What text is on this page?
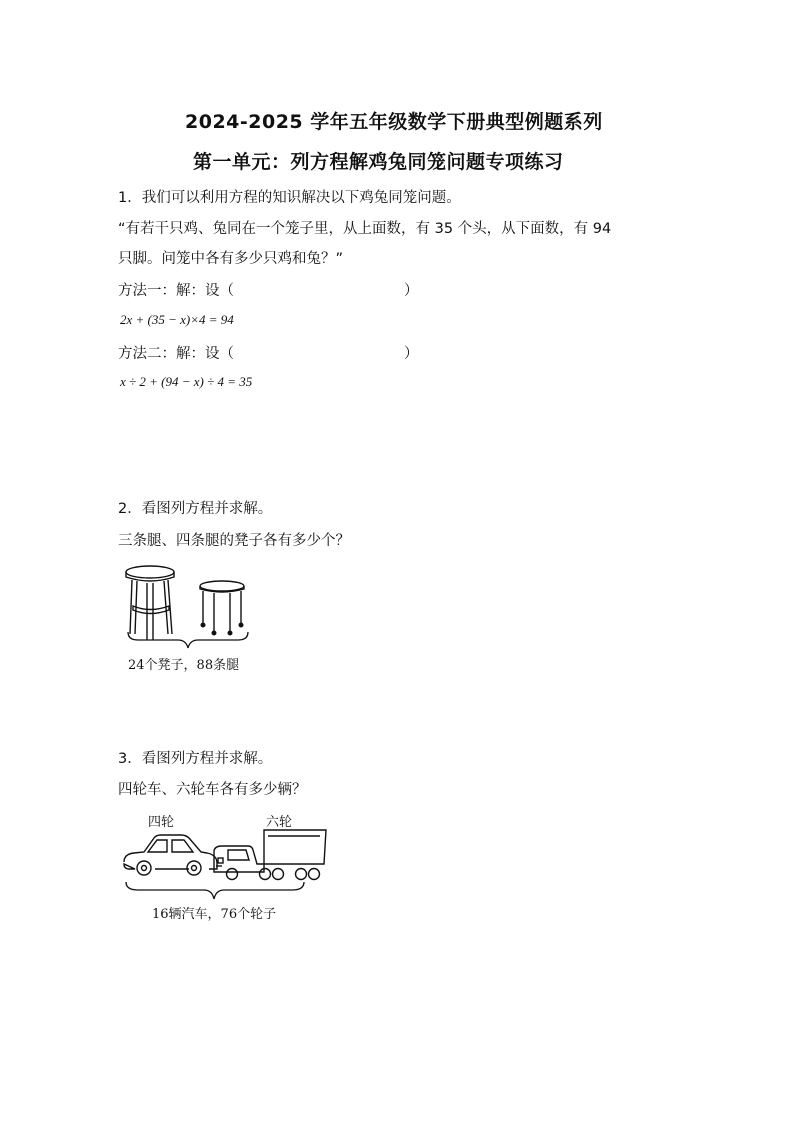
2024-2025 学年五年级数学下册典型例题系列
第一单元：列方程解鸡兔同笼问题专项练习
1．我们可以利用方程的知识解决以下鸡兔同笼问题。
“有若干只鸡、兔同在一个笼子里，从上面数，有 35 个头，从下面数，有 94
只脚。问笼中各有多少只鸡和兔？”
方法一：解：设（	）
2x + (35 − x)×4 = 94
方法二：解：设（	）
x ÷ 2 + (94 − x) ÷ 4 = 35
2．看图列方程并求解。
三条腿、四条腿的凳子各有多少个？
24个凳子，88条腿
3．看图列方程并求解。
四轮车、六轮车各有多少辆？
四轮	六轮
16辆汽车，76个轮子
